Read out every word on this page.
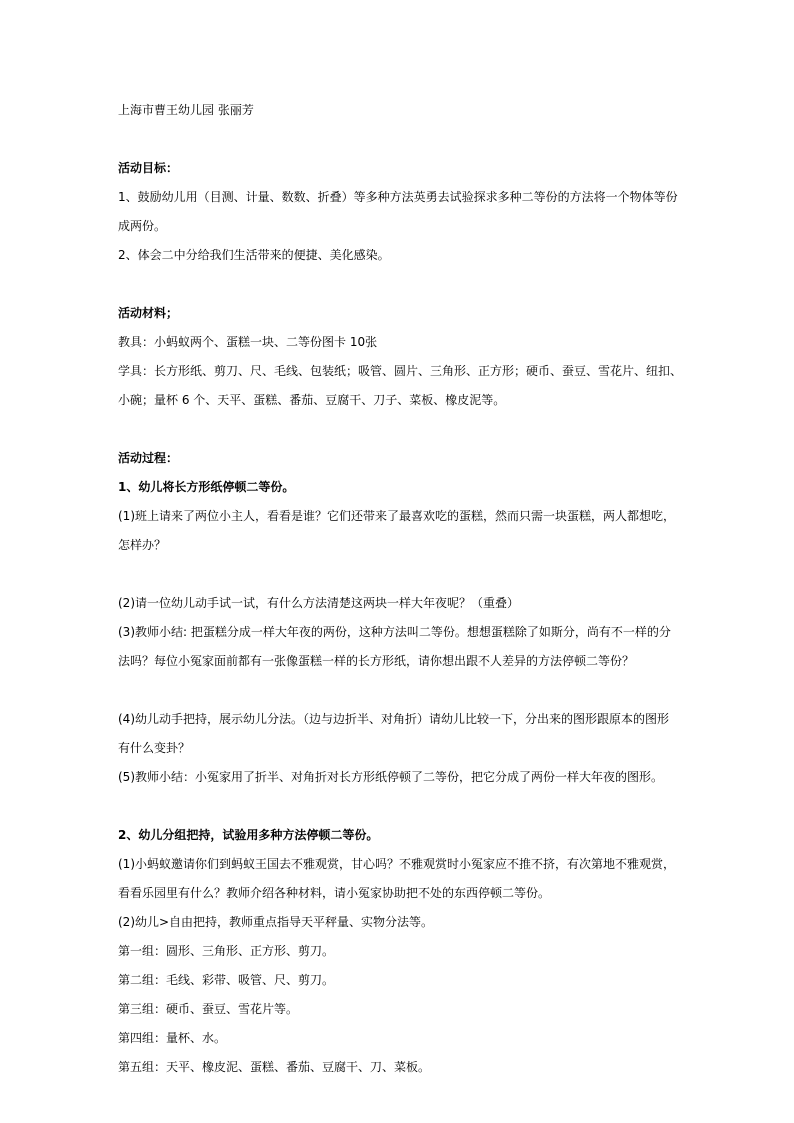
上海市曹王幼儿园 张丽芳

活动目标：

1、鼓励幼儿用（目测、计量、数数、折叠）等多种方法英勇去试验探求多种二等份的方法将一个物体等份

成两份。

2、体会二中分给我们生活带来的便捷、美化感染。

活动材料；

教具：小蚂蚁两个、蛋糕一块、二等份图卡 10张

学具：长方形纸、剪刀、尺、毛线、包装纸；吸管、圆片、三角形、正方形；硬币、蚕豆、雪花片、纽扣、

小碗；量杯 6 个、天平、蛋糕、番茄、豆腐干、刀子、菜板、橡皮泥等。

活动过程：

1、幼儿将长方形纸停顿二等份。

(1)班上请来了两位小主人，看看是谁？它们还带来了最喜欢吃的蛋糕，然而只需一块蛋糕，两人都想吃，

怎样办？

(2)请一位幼儿动手试一试，有什么方法清楚这两块一样大年夜呢？（重叠）

(3)教师小结: 把蛋糕分成一样大年夜的两份，这种方法叫二等份。想想蛋糕除了如斯分，尚有不一样的分

法吗？每位小冤家面前都有一张像蛋糕一样的长方形纸，请你想出跟不人差异的方法停顿二等份？

(4)幼儿动手把持，展示幼儿分法。（边与边折半、对角折）请幼儿比较一下，分出来的图形跟原本的图形

有什么变卦？

(5)教师小结：小冤家用了折半、对角折对长方形纸停顿了二等份，把它分成了两份一样大年夜的图形。

2、幼儿分组把持，试验用多种方法停顿二等份。

(1)小蚂蚁邀请你们到蚂蚁王国去不雅观赏，甘心吗？不雅观赏时小冤家应不推不挤，有次第地不雅观赏，

看看乐园里有什么？教师介绍各种材料，请小冤家协助把不处的东西停顿二等份。

(2)幼儿>自由把持，教师重点指导天平秤量、实物分法等。

第一组：圆形、三角形、正方形、剪刀。

第二组：毛线、彩带、吸管、尺、剪刀。

第三组：硬币、蚕豆、雪花片等。

第四组：量杯、水。

第五组：天平、橡皮泥、蛋糕、番茄、豆腐干、刀、菜板。
